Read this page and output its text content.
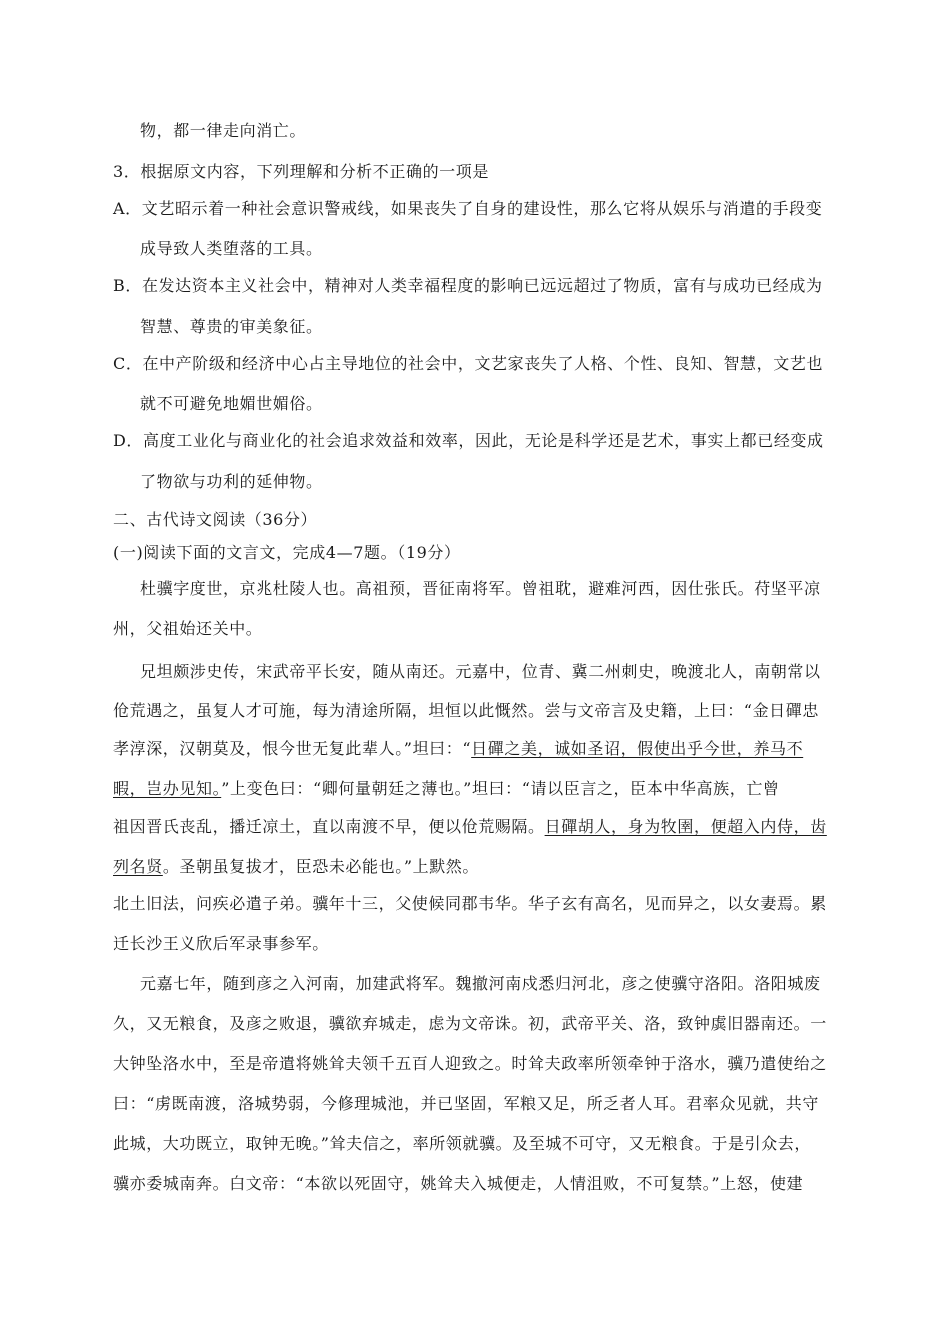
物，都一律走向消亡。
3．根据原文内容，下列理解和分析不正确的一项是
A．文艺昭示着一种社会意识警戒线，如果丧失了自身的建设性，那么它将从娱乐与消遣的手段变
成导致人类堕落的工具。
B．在发达资本主义社会中，精神对人类幸福程度的影响已远远超过了物质，富有与成功已经成为
智慧、尊贵的审美象征。
C．在中产阶级和经济中心占主导地位的社会中，文艺家丧失了人格、个性、良知、智慧，文艺也
就不可避免地媚世媚俗。
D．高度工业化与商业化的社会追求效益和效率，因此，无论是科学还是艺术，事实上都已经变成
了物欲与功利的延伸物。
二、古代诗文阅读（36分）
(一)阅读下面的文言文，完成4—7题。（19分）
杜骥字度世，京兆杜陵人也。高祖预，晋征南将军。曾祖耽，避难河西，因仕张氏。苻坚平凉
州，父祖始还关中。
兄坦颇涉史传，宋武帝平长安，随从南还。元嘉中，位青、冀二州刺史，晚渡北人，南朝常以
伧荒遇之，虽复人才可施，每为清途所隔，坦恒以此慨然。尝与文帝言及史籍，上曰：“金日磾忠
孝淳深，汉朝莫及，恨今世无复此辈人。”坦曰：“日磾之美，诚如圣诏，假使出乎今世，养马不
暇，岂办见知。”上变色曰：“卿何量朝廷之薄也。”坦曰：“请以臣言之，臣本中华高族，亡曾
祖因晋氏丧乱，播迁凉土，直以南渡不早，便以伧荒赐隔。日磾胡人，身为牧圉，便超入内侍，齿
列名贤。圣朝虽复拔才，臣恐未必能也。”上默然。
北土旧法，问疾必遣子弟。骥年十三，父使候同郡韦华。华子玄有高名，见而异之，以女妻焉。累
迁长沙王义欣后军录事参军。
元嘉七年，随到彦之入河南，加建武将军。魏撤河南戍悉归河北，彦之使骥守洛阳。洛阳城废
久，又无粮食，及彦之败退，骥欲弃城走，虑为文帝诛。初，武帝平关、洛，致钟虡旧器南还。一
大钟坠洛水中，至是帝遣将姚耸夫领千五百人迎致之。时耸夫政率所领牵钟于洛水，骥乃遣使绐之
曰：“虏既南渡，洛城势弱，今修理城池，并已坚固，军粮又足，所乏者人耳。君率众见就，共守
此城，大功既立，取钟无晚。”耸夫信之，率所领就骥。及至城不可守，又无粮食。于是引众去，
骥亦委城南奔。白文帝：“本欲以死固守，姚耸夫入城便走，人情沮败，不可复禁。”上怒，使建
